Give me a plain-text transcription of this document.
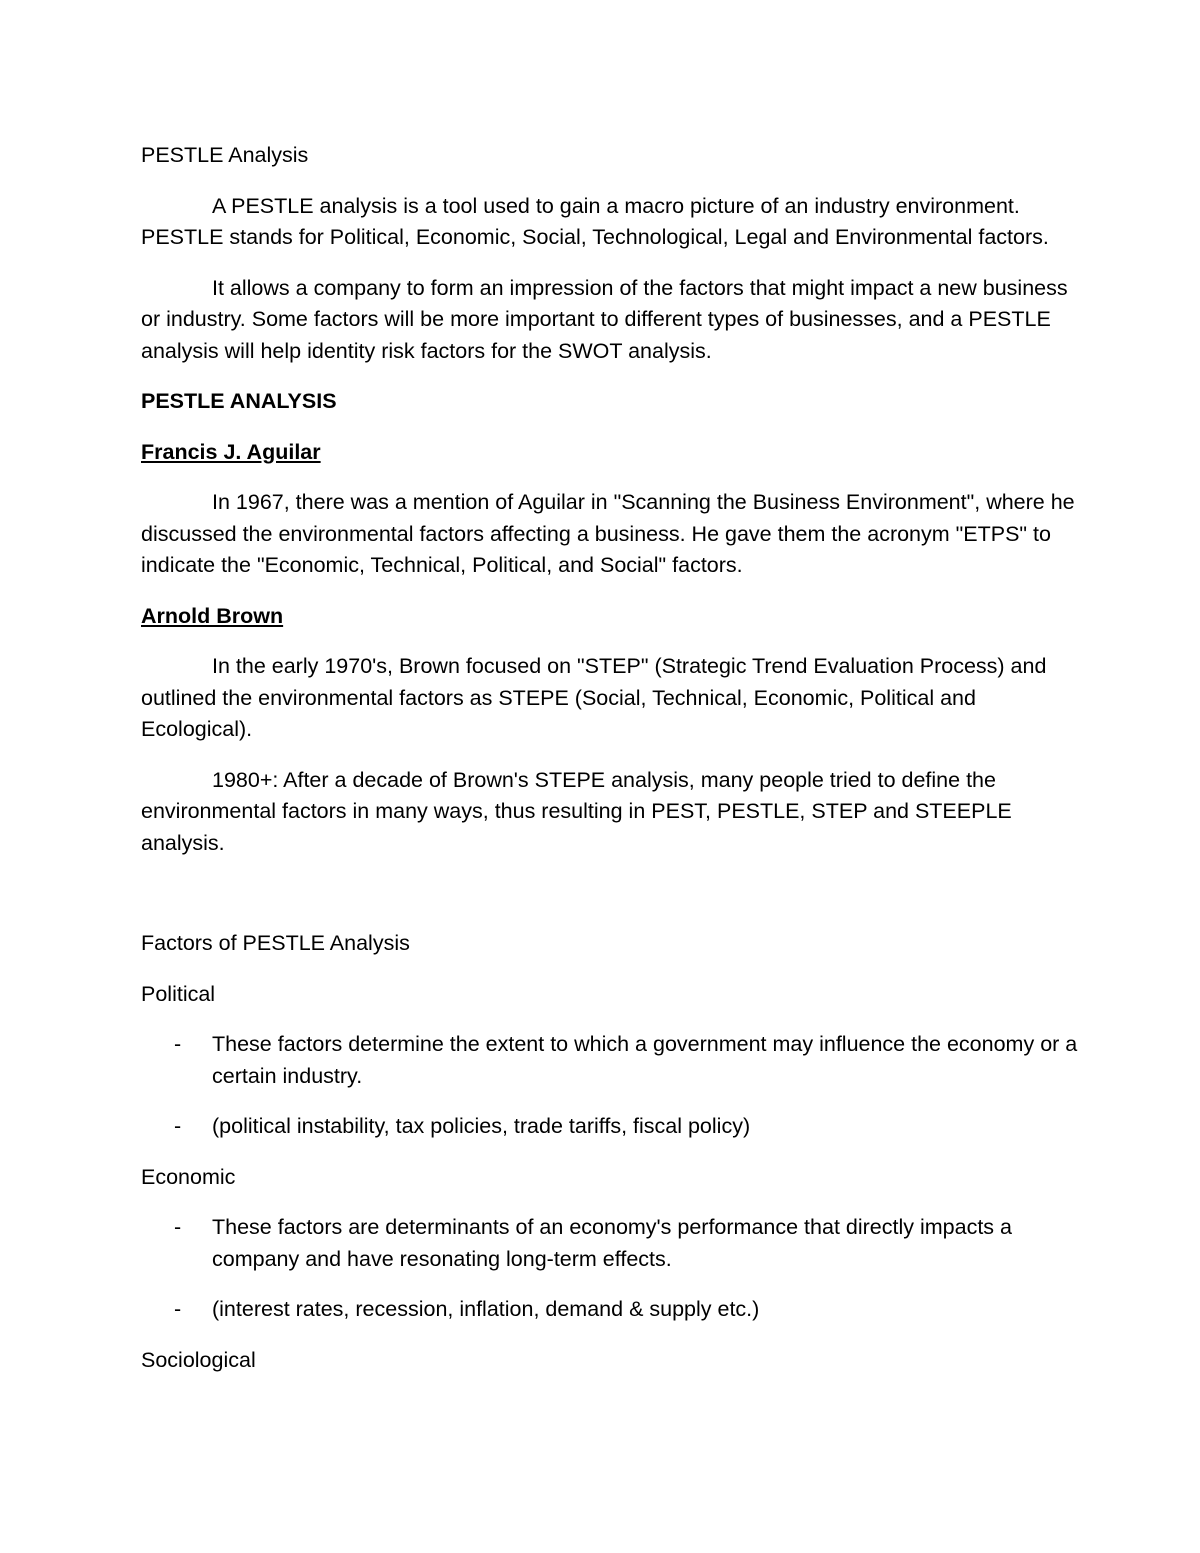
PESTLE Analysis

A PESTLE analysis is a tool used to gain a macro picture of an industry environment. PESTLE stands for Political, Economic, Social, Technological, Legal and Environmental factors.

It allows a company to form an impression of the factors that might impact a new business or industry. Some factors will be more important to different types of businesses, and a PESTLE analysis will help identity risk factors for the SWOT analysis.

PESTLE ANALYSIS

Francis J. Aguilar

In 1967, there was a mention of Aguilar in "Scanning the Business Environment", where he discussed the environmental factors affecting a business. He gave them the acronym "ETPS" to indicate the "Economic, Technical, Political, and Social" factors.

Arnold Brown

In the early 1970's, Brown focused on "STEP" (Strategic Trend Evaluation Process) and outlined the environmental factors as STEPE (Social, Technical, Economic, Political and Ecological).

1980+: After a decade of Brown's STEPE analysis, many people tried to define the environmental factors in many ways, thus resulting in PEST, PESTLE, STEP and STEEPLE analysis.

Factors of PESTLE Analysis

Political

- These factors determine the extent to which a government may influence the economy or a certain industry.
- (political instability, tax policies, trade tariffs, fiscal policy)

Economic

- These factors are determinants of an economy's performance that directly impacts a company and have resonating long-term effects.
- (interest rates, recession, inflation, demand & supply etc.)

Sociological
